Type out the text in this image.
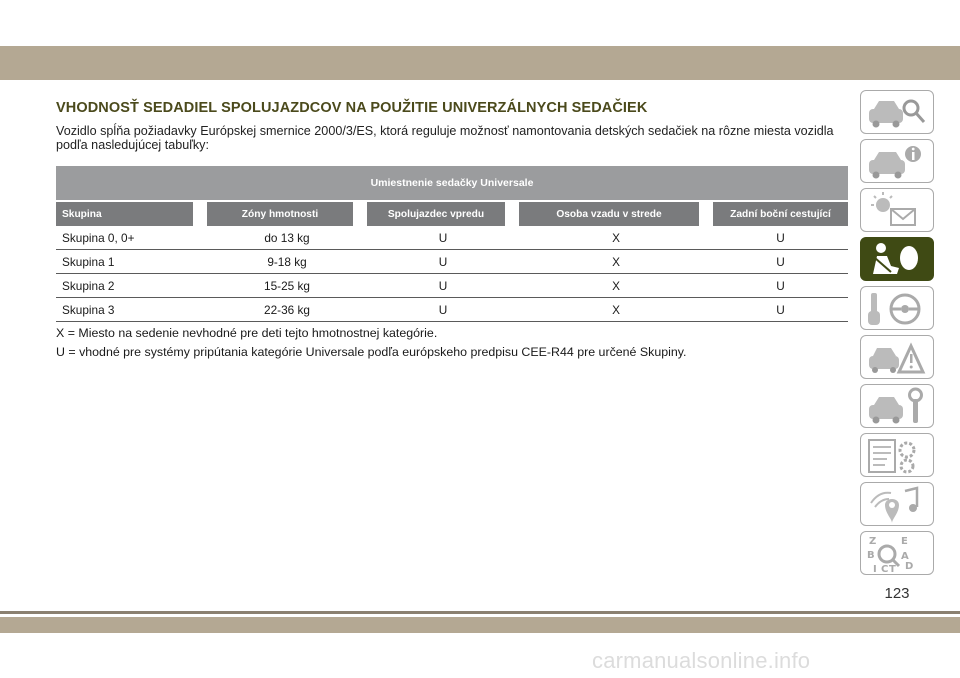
VHODNOSŤ SEDADIEL SPOLUJAZDCOV NA POUŽITIE UNIVERZÁLNYCH SEDAČIEK

Vozidlo spĺňa požiadavky Európskej smernice 2000/3/ES, ktorá reguluje možnosť namontovania detských sedačiek na rôzne miesta vozidla podľa nasledujúcej tabuľky:

Umiestnenie sedačky Universale								
Skupina		Zóny hmotnosti		Spolujazdec vpredu		Osoba vzadu v strede		Zadní boční cestující
Skupina 0, 0+		do 13 kg		U		X		U
Skupina 1		9-18 kg		U		X		U
Skupina 2		15-25 kg		U		X		U
Skupina 3		22-36 kg		U		X		U

X = Miesto na sedenie nevhodné pre deti tejto hmotnostnej kategórie.

U = vhodné pre systémy pripútania kategórie Universale podľa európskeho predpisu CEE-R44 pre určené Skupiny.

Z E
B	A
I C T D
123
carmanualsonline.info
